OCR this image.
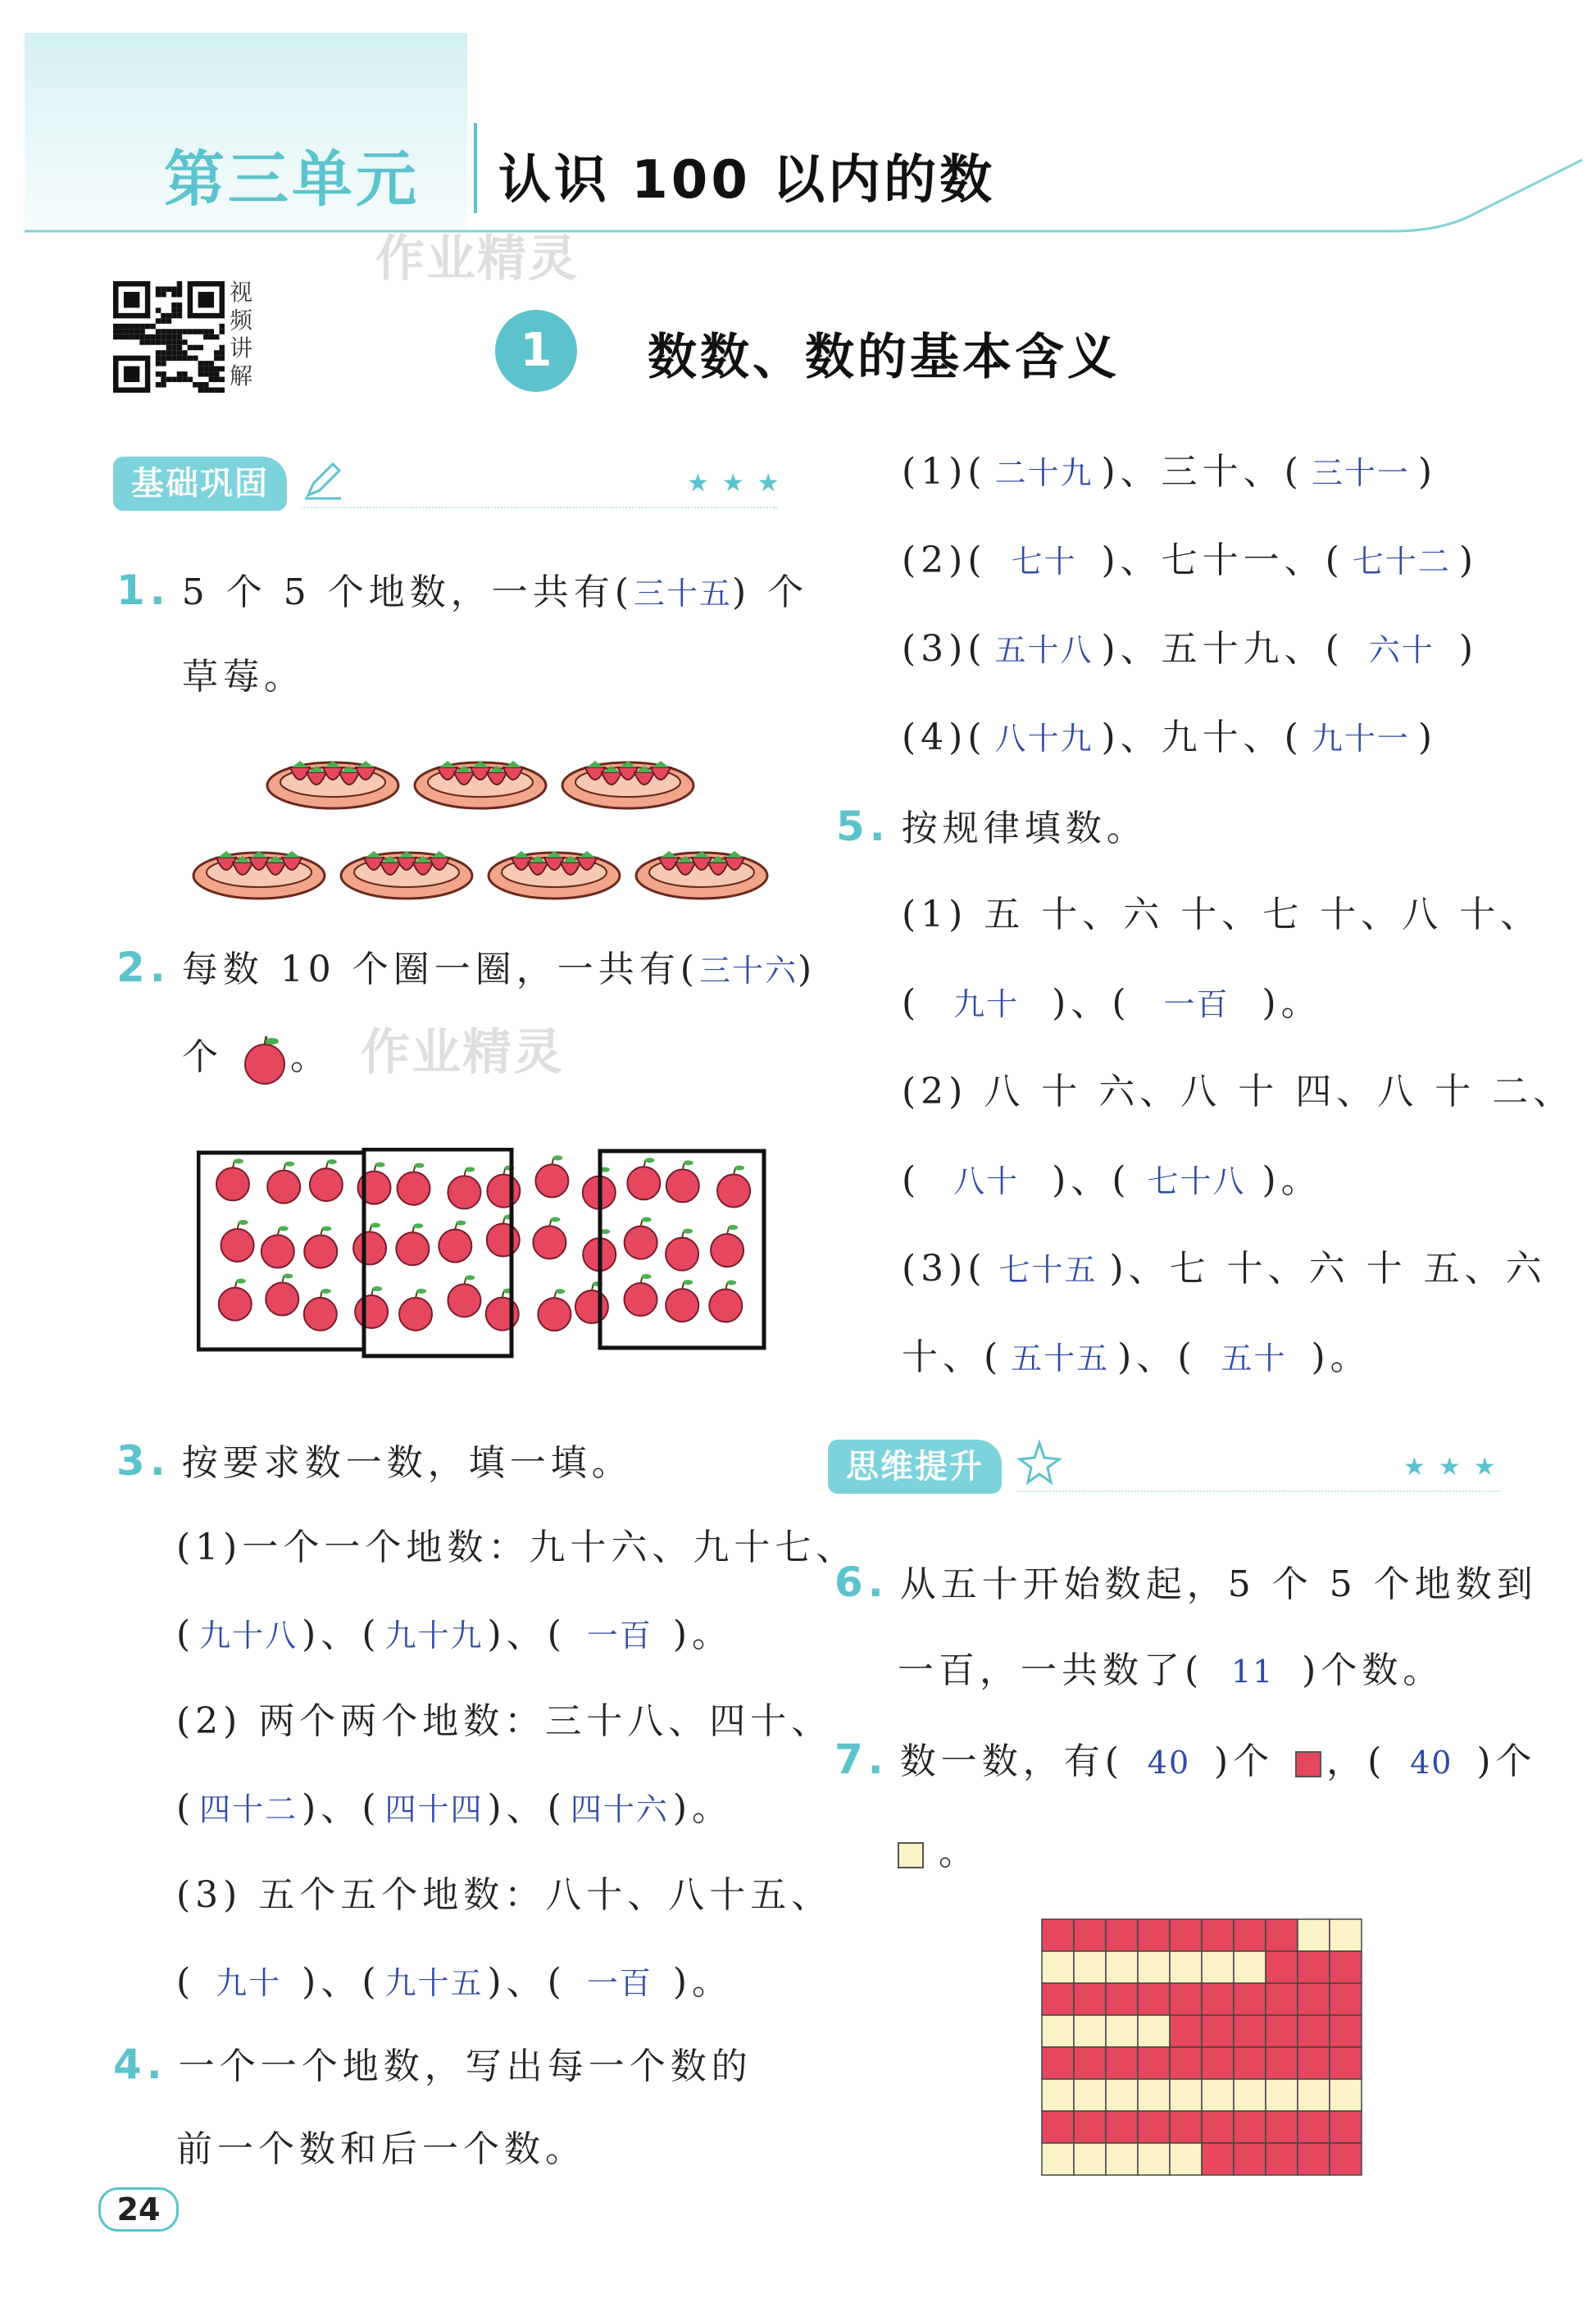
第三单元 认识 100 以内的数
作业精灵
视频讲解	1	数数、数的基本含义
基础巩固	★★★
1. 5 个 5 个地数，一共有(三十五) 个
草莓。
2. 每数 10 个圈一圈，一共有(三十六)
个 。 作业精灵
3. 按要求数一数，填一填。
(1)一个一个地数：九十六、九十七、
( 九十八 )、( 九十九 )、( 一百 )。
(2) 两个两个地数：三十八、四十、
( 四十二 )、( 四十四 )、( 四十六 )。
(3) 五个五个地数：八十、八十五、
( 九十 )、( 九十五 )、( 一百 )。
4. 一个一个地数，写出每一个数的
前一个数和后一个数。
(1)( 二十九 )、三十、( 三十一 )
(2)( 七十 )、七十一、( 七十二 )
(3)( 五十八 )、五十九、( 六十 )
(4)( 八十九 )、九十、( 九十一 )
5. 按规律填数。
(1) 五 十、六 十、七 十、八 十、
( 九十 )、( 一百 )。
(2) 八 十 六、八 十 四、八 十 二、
( 八十 )、( 七十八 )。
(3)( 七十五 )、七 十、六 十 五、六
十、( 五十五 )、( 五十 )。
思维提升	★★★
6. 从五十开始数起，5 个 5 个地数到
一百，一共数了( 11 )个数。
7. 数一数，有( 40 )个 ，( 40 )个
。
24
